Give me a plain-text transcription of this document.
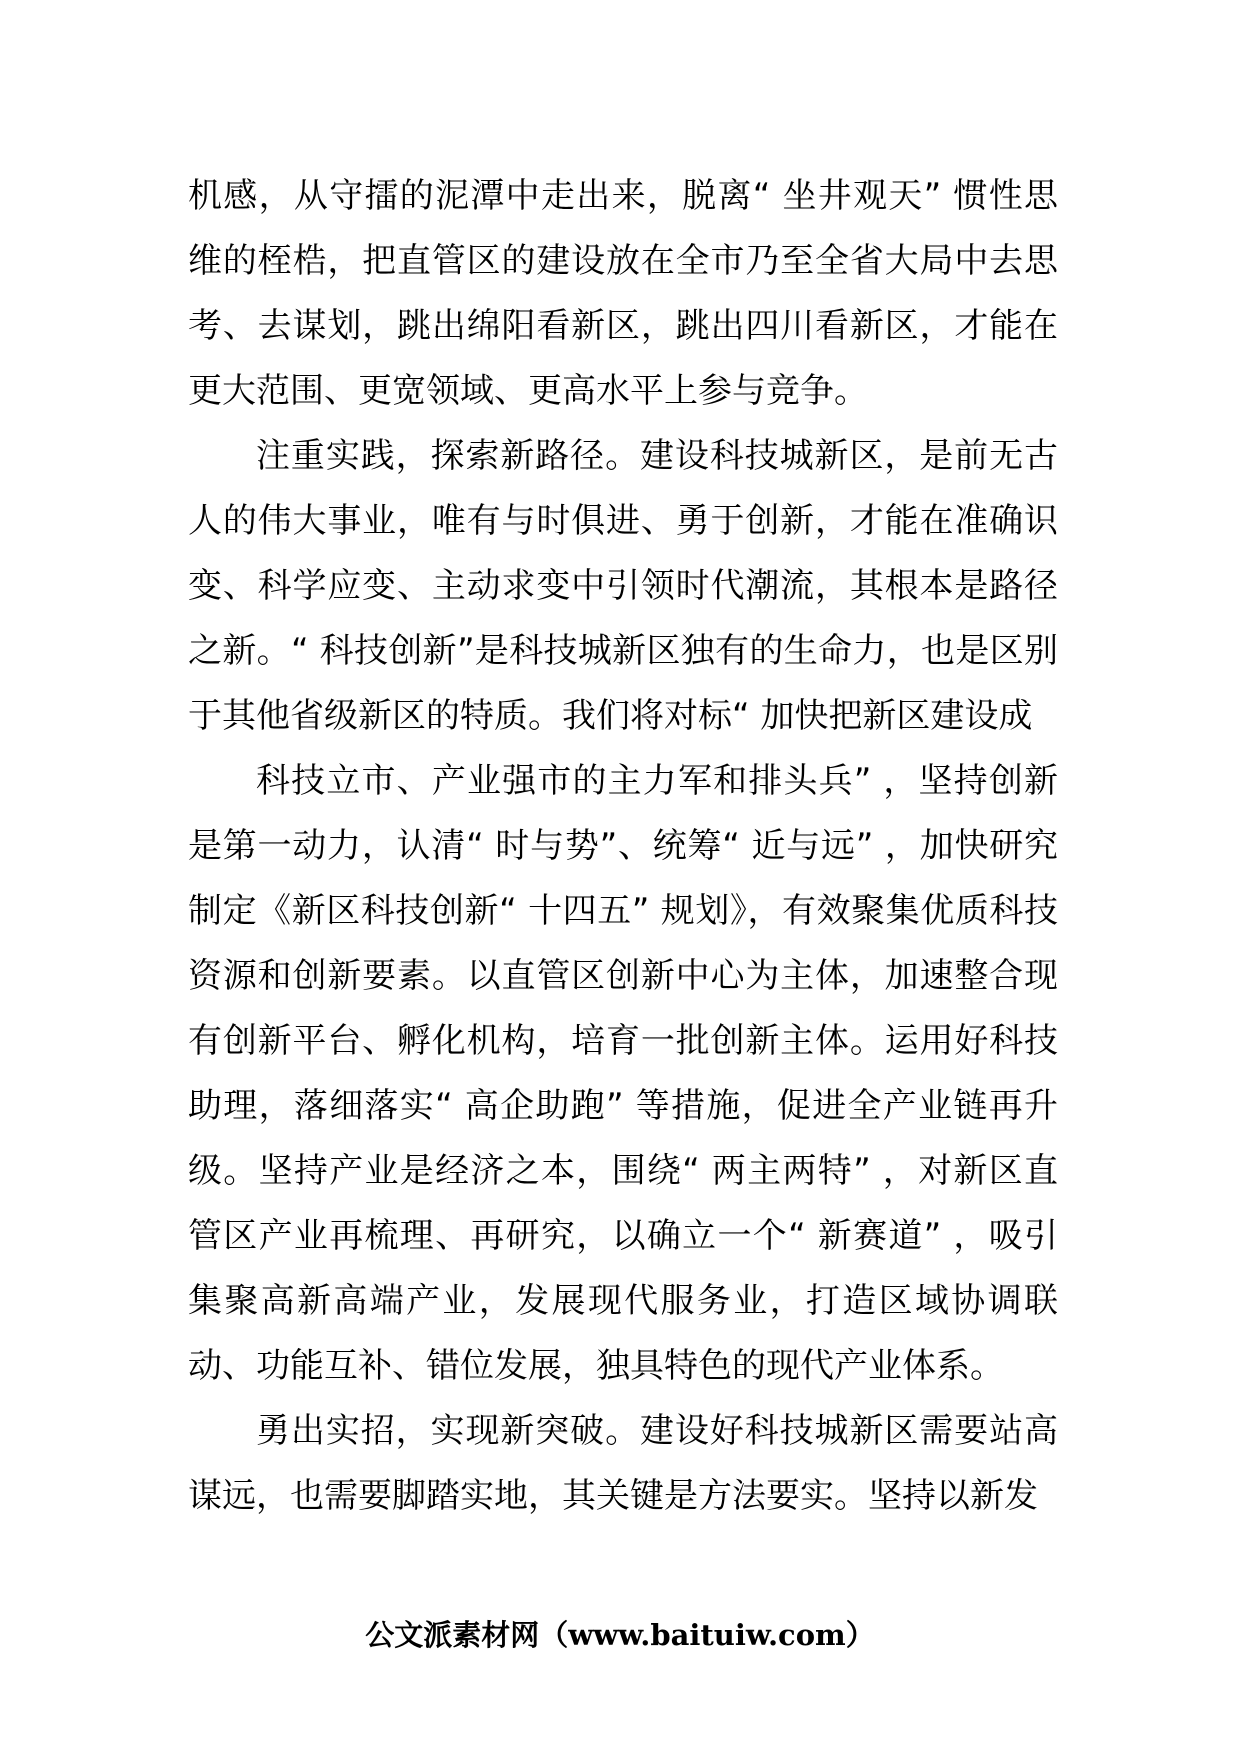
机感，从守擂的泥潭中走出来，脱离“ 坐井观天” 惯性思维的桎梏，把直管区的建设放在全市乃至全省大局中去思考、去谋划，跳出绵阳看新区，跳出四川看新区，才能在更大范围、更宽领域、更高水平上参与竞争。

注重实践，探索新路径。建设科技城新区，是前无古人的伟大事业，唯有与时俱进、勇于创新，才能在准确识变、科学应变、主动求变中引领时代潮流，其根本是路径之新。“ 科技创新”是科技城新区独有的生命力，也是区别于其他省级新区的特质。我们将对标“ 加快把新区建设成

科技立市、产业强市的主力军和排头兵” ，坚持创新是第一动力，认清“ 时与势”、统筹“ 近与远” ，加快研究制定《新区科技创新“ 十四五” 规划》，有效聚集优质科技资源和创新要素。以直管区创新中心为主体，加速整合现有创新平台、孵化机构，培育一批创新主体。运用好科技助理，落细落实“ 高企助跑” 等措施，促进全产业链再升级。坚持产业是经济之本，围绕“ 两主两特” ，对新区直管区产业再梳理、再研究，以确立一个“ 新赛道” ，吸引集聚高新高端产业，发展现代服务业，打造区域协调联动、功能互补、错位发展，独具特色的现代产业体系。

勇出实招，实现新突破。建设好科技城新区需要站高谋远，也需要脚踏实地，其关键是方法要实。坚持以新发

公文派素材网（www.baituiw.com）
